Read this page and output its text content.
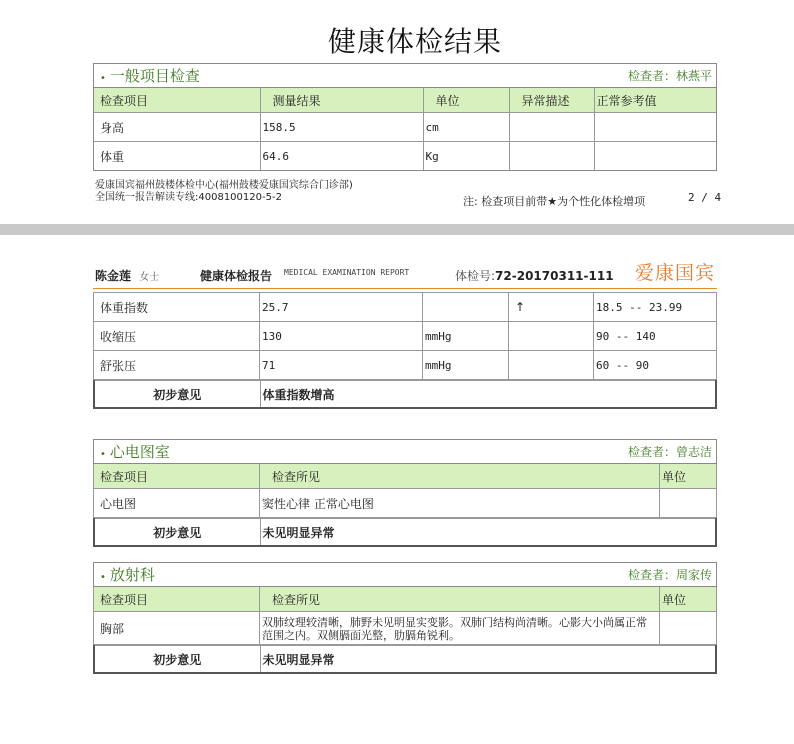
健康体检结果
• 一般项目检查	检查者：林燕平
检查项目	测量结果	单位	异常描述	正常参考值
身高	158.5	cm		
体重	64.6	Kg		
爱康国宾福州鼓楼体检中心(福州鼓楼爱康国宾综合门诊部)
全国统一报告解读专线:4008100120-5-2	注: 检查项目前带★为个性化体检增项	2 / 4
陈金莲 女士	健康体检报告 MEDICAL EXAMINATION REPORT	体检号:72-20170311-111 爱康国宾
体重指数	25.7		↑	18.5 -- 23.99
收缩压	130	mmHg		90 -- 140
舒张压	71	mmHg		60 -- 90
初步意见	体重指数增高
• 心电图室	检查者：曾志洁
检查项目	检查所见	单位
心电图	窦性心律 正常心电图	
初步意见	未见明显异常
• 放射科	检查者：周家传
检查项目	检查所见	单位
胸部	双肺纹理较清晰，肺野未见明显实变影。双肺门结构尚清晰。心影大小尚属正常范围之内。双侧膈面光整，肋膈角锐利。	
初步意见	未见明显异常
